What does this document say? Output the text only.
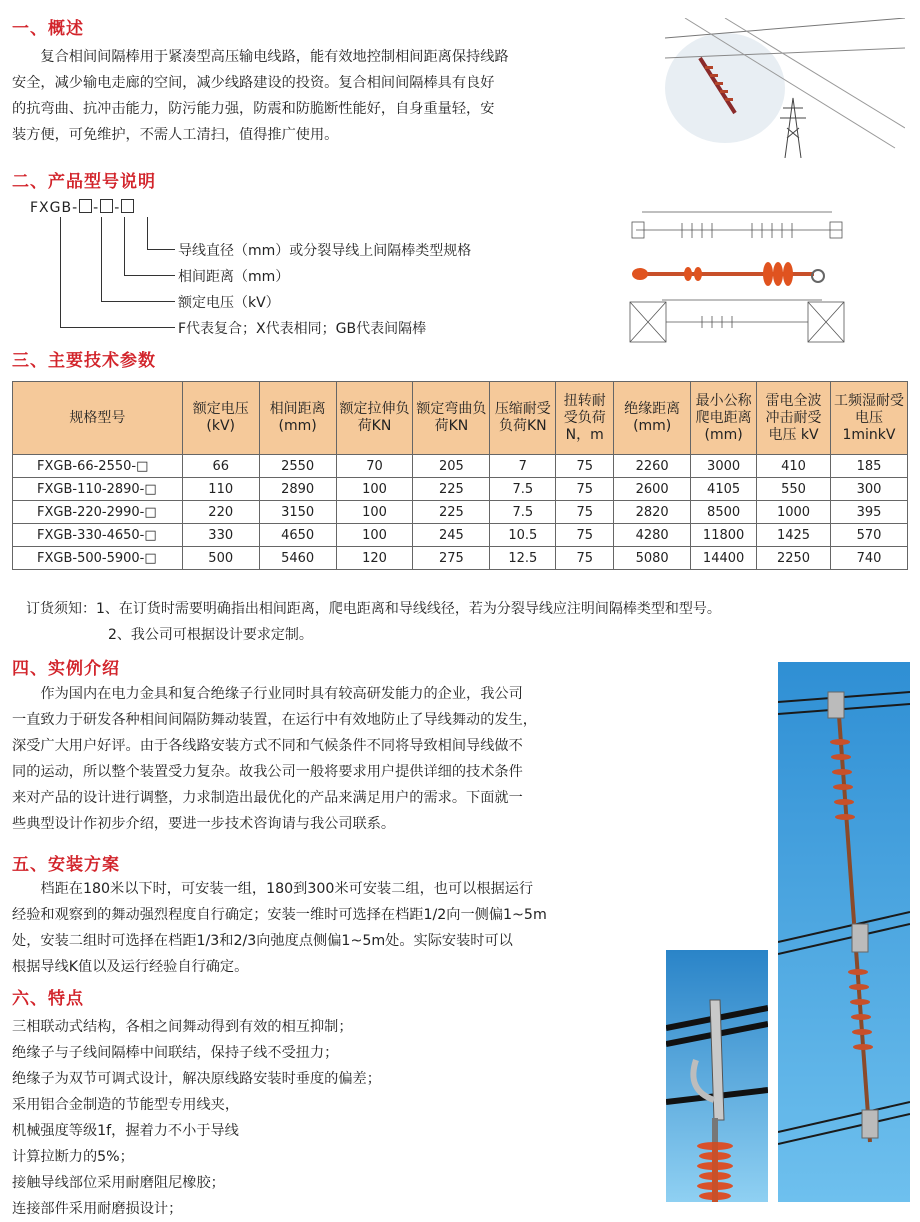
一、概述
复合相间间隔棒用于紧凑型高压输电线路，能有效地控制相间距离保持线路
安全，减少输电走廊的空间，减少线路建设的投资。复合相间间隔棒具有良好
的抗弯曲、抗冲击能力，防污能力强，防震和防脆断性能好，自身重量轻，安
装方便，可免维护，不需人工清扫，值得推广使用。
二、产品型号说明
FXGB- - -
导线直径（mm）或分裂导线上间隔棒类型规格
相间距离（mm）
额定电压（kV）
F代表复合；X代表相同；GB代表间隔棒
三、主要技术参数
规格型号	额定电压(kV)	相间距离(mm)	额定拉伸负荷KN	额定弯曲负荷KN	压缩耐受负荷KN	扭转耐受负荷N，m	绝缘距离(mm)	最小公称爬电距离(mm)	雷电全波冲击耐受电压 kV	工频湿耐受电压1minkV
FXGB-66-2550-□	66	2550	70	205	7	75	2260	3000	410	185
FXGB-110-2890-□	110	2890	100	225	7.5	75	2600	4105	550	300
FXGB-220-2990-□	220	3150	100	225	7.5	75	2820	8500	1000	395
FXGB-330-4650-□	330	4650	100	245	10.5	75	4280	11800	1425	570
FXGB-500-5900-□	500	5460	120	275	12.5	75	5080	14400	2250	740
订货须知：1、在订货时需要明确指出相间距离，爬电距离和导线线径，若为分裂导线应注明间隔棒类型和型号。
2、我公司可根据设计要求定制。
四、实例介绍
作为国内在电力金具和复合绝缘子行业同时具有较高研发能力的企业，我公司
一直致力于研发各种相间间隔防舞动装置，在运行中有效地防止了导线舞动的发生，
深受广大用户好评。由于各线路安装方式不同和气候条件不同将导致相间导线做不
同的运动，所以整个装置受力复杂。故我公司一般将要求用户提供详细的技术条件
来对产品的设计进行调整，力求制造出最优化的产品来满足用户的需求。下面就一
些典型设计作初步介绍，要进一步技术咨询请与我公司联系。
五、安装方案
档距在180米以下时，可安装一组，180到300米可安装二组，也可以根据运行
经验和观察到的舞动强烈程度自行确定；安装一维时可选择在档距1/2向一侧偏1~5m
处，安装二组时可选择在档距1/3和2/3向弛度点侧偏1~5m处。实际安装时可以
根据导线K值以及运行经验自行确定。
六、特点
三相联动式结构，各相之间舞动得到有效的相互抑制；
绝缘子与子线间隔棒中间联结，保持子线不受扭力；
绝缘子为双节可调式设计，解决原线路安装时垂度的偏差；
采用铝合金制造的节能型专用线夹，
机械强度等级1f，握着力不小于导线
计算拉断力的5%；
接触导线部位采用耐磨阻尼橡胶；
连接部件采用耐磨损设计；
